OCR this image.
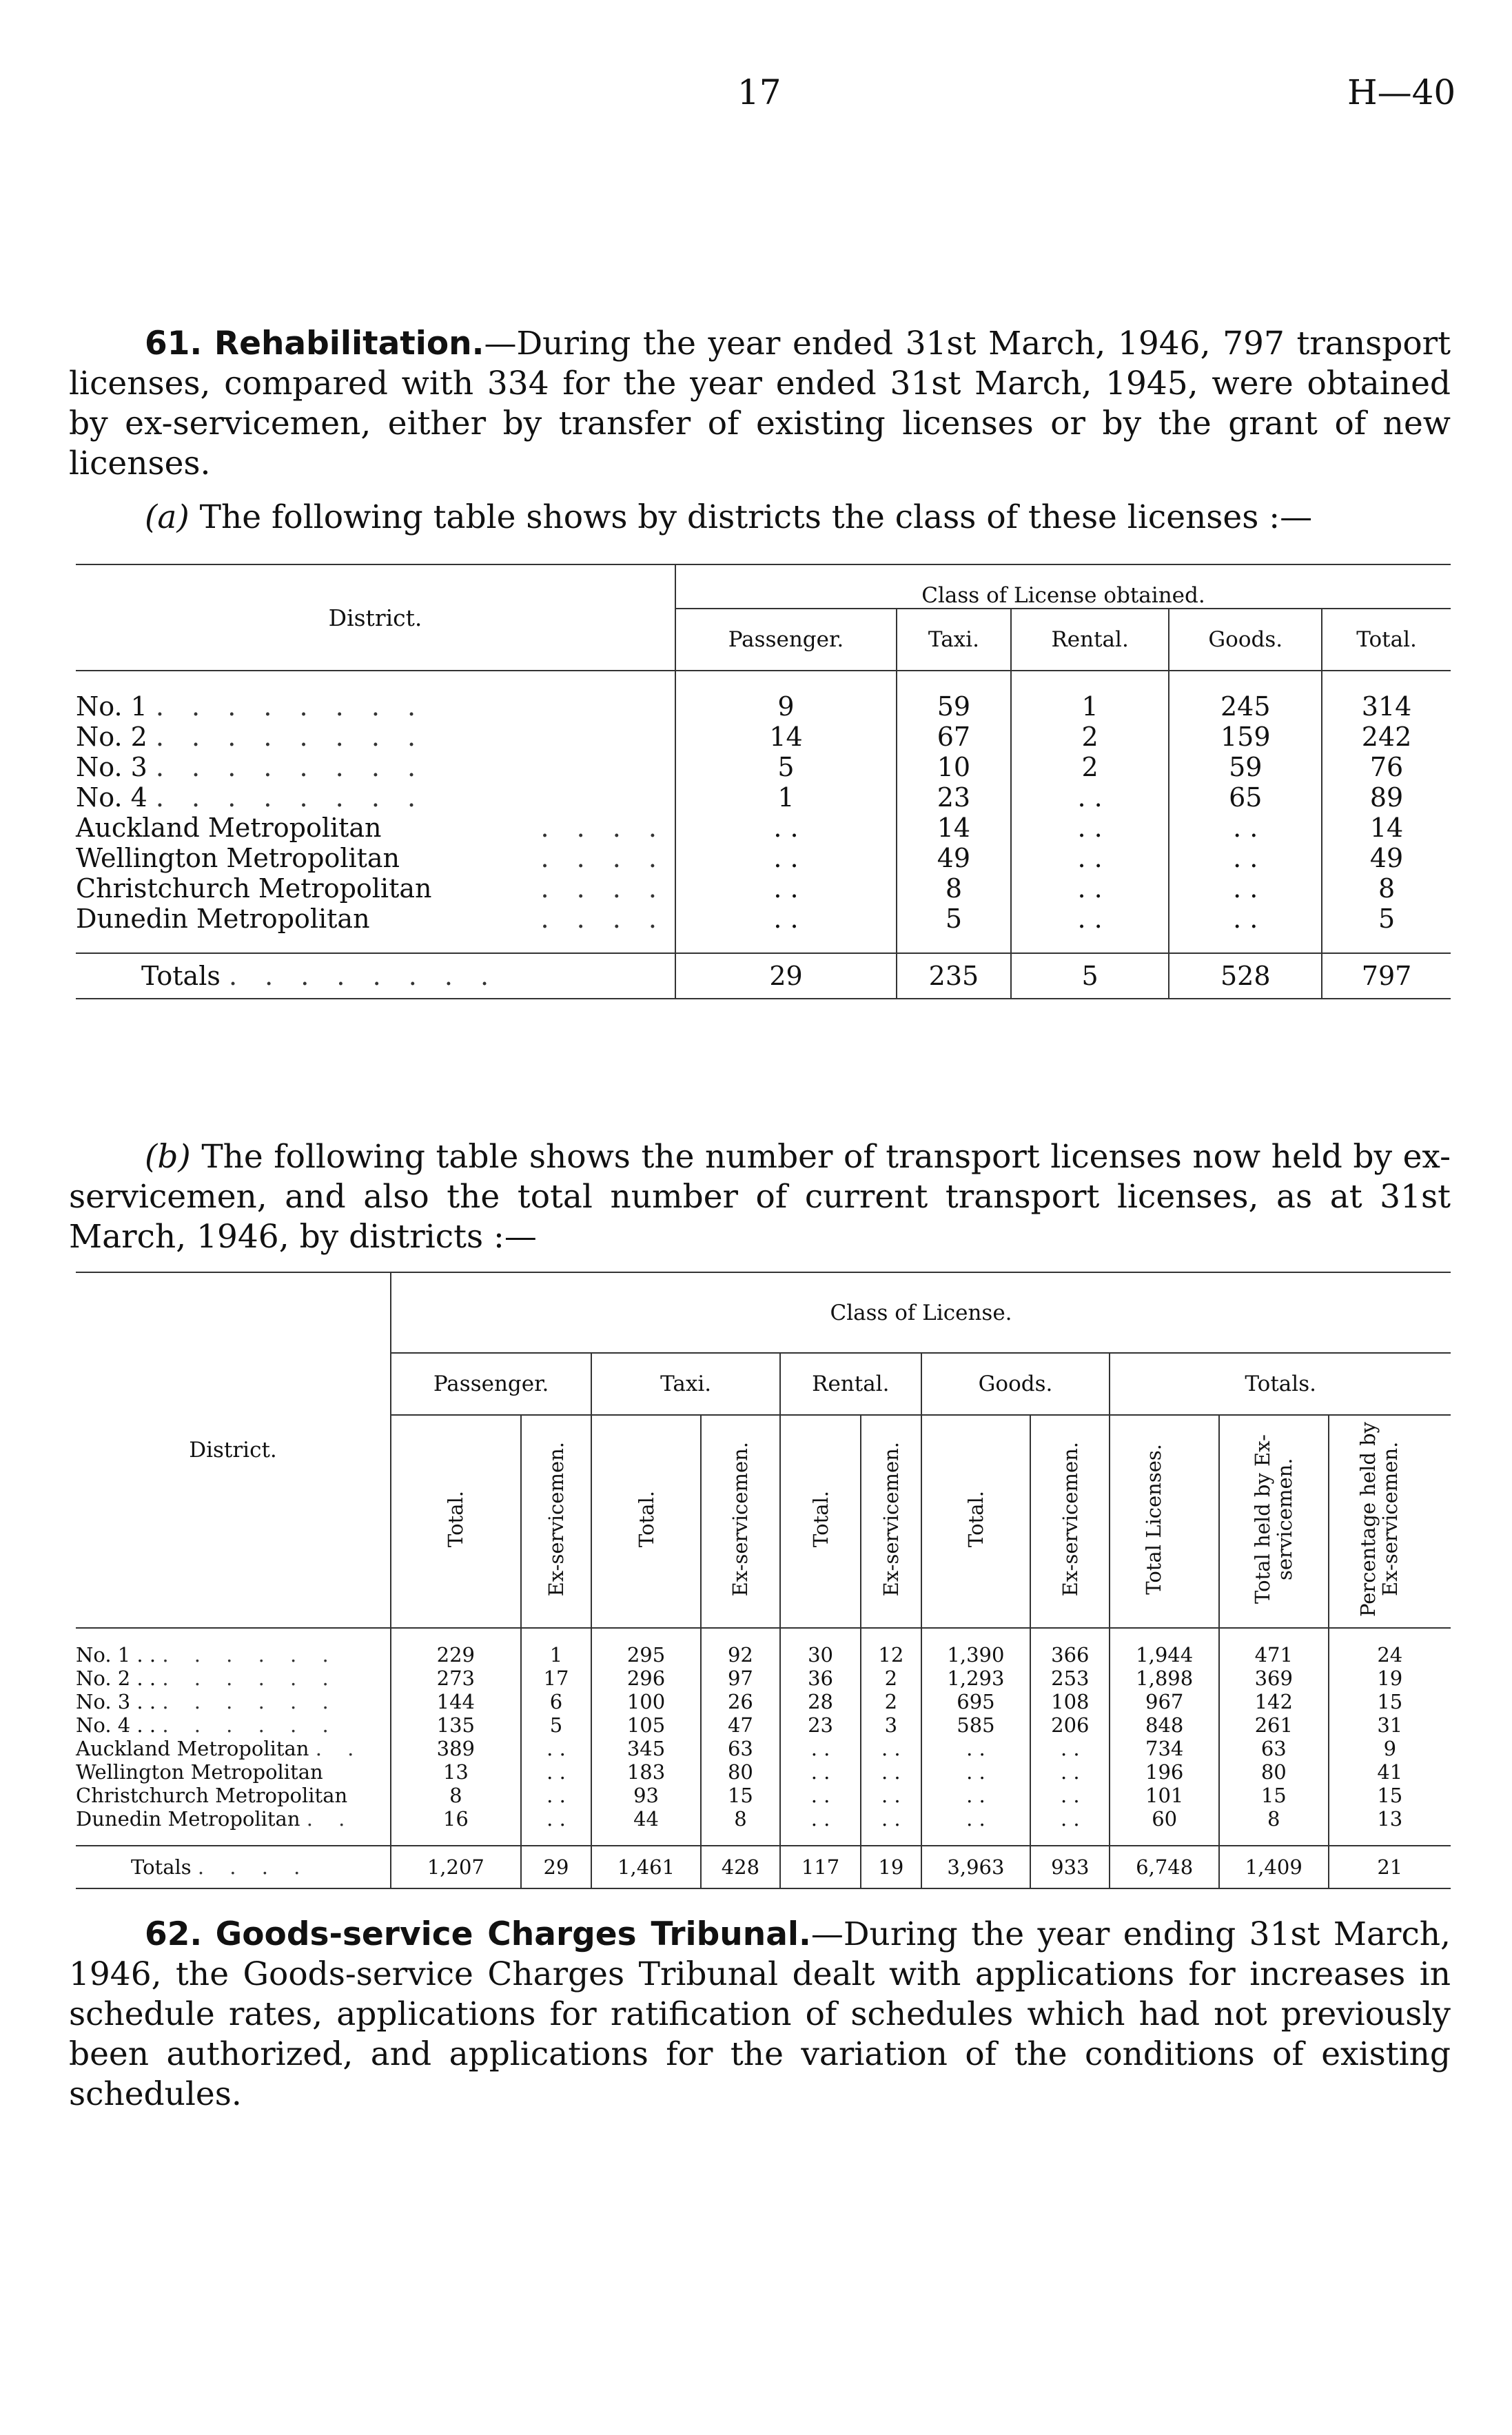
17	H—40

61. Rehabilitation.—During the year ended 31st March, 1946, 797 transport licenses, compared with 334 for the year ended 31st March, 1945, were obtained by ex-servicemen, either by transfer of existing licenses or by the grant of new licenses.

(a) The following table shows by districts the class of these licenses :—

District.	Class of License obtained.				
	Passenger.	Taxi.	Rental.	Goods.	Total.

No. 1 . . . . . . . .	9	59	1	245	314
No. 2 . . . . . . . .	14	67	2	159	242
No. 3 . . . . . . . .	5	10	2	59	76
No. 4 . . . . . . . .	1	23	. .	65	89
Auckland Metropolitan . . . .	. .	14	. .	. .	14
Wellington Metropolitan . . . .	. .	49	. .	. .	49
Christchurch Metropolitan . . . .	. .	8	. .	. .	8
Dunedin Metropolitan . . . .	. .	5	. .	. .	5

Totals . . . . . . . .	29	235	5	528	797

(b) The following table shows the number of transport licenses now held by ex-servicemen, and also the total number of current transport licenses, as at 31st March, 1946, by districts :—

District.	Class of License.										
	Passenger.		Taxi.		Rental.		Goods.		Totals.		
	Total.	Ex-servicemen.	Total.	Ex-servicemen.	Total.	Ex-servicemen.	Total.	Ex-servicemen.	Total Licenses.	Total held by Ex-servicemen.	Percentage held by Ex-servicemen.

No. 1 . . . . . . . .	229	1	295	92	30	12	1,390	366	1,944	471	24
No. 2 . . . . . . . .	273	17	296	97	36	2	1,293	253	1,898	369	19
No. 3 . . . . . . . .	144	6	100	26	28	2	695	108	967	142	15
No. 4 . . . . . . . .	135	5	105	47	23	3	585	206	848	261	31
Auckland Metropolitan . .	389	. .	345	63	. .	. .	. .	. .	734	63	9
Wellington Metropolitan	13	. .	183	80	. .	. .	. .	. .	196	80	41
Christchurch Metropolitan	8	. .	93	15	. .	. .	. .	. .	101	15	15
Dunedin Metropolitan . .	16	. .	44	8	. .	. .	. .	. .	60	8	13

Totals . . . .	1,207	29	1,461	428	117	19	3,963	933	6,748	1,409	21

62. Goods-service Charges Tribunal.—During the year ending 31st March, 1946, the Goods-service Charges Tribunal dealt with applications for increases in schedule rates, applications for ratification of schedules which had not previously been authorized, and applications for the variation of the conditions of existing schedules.
